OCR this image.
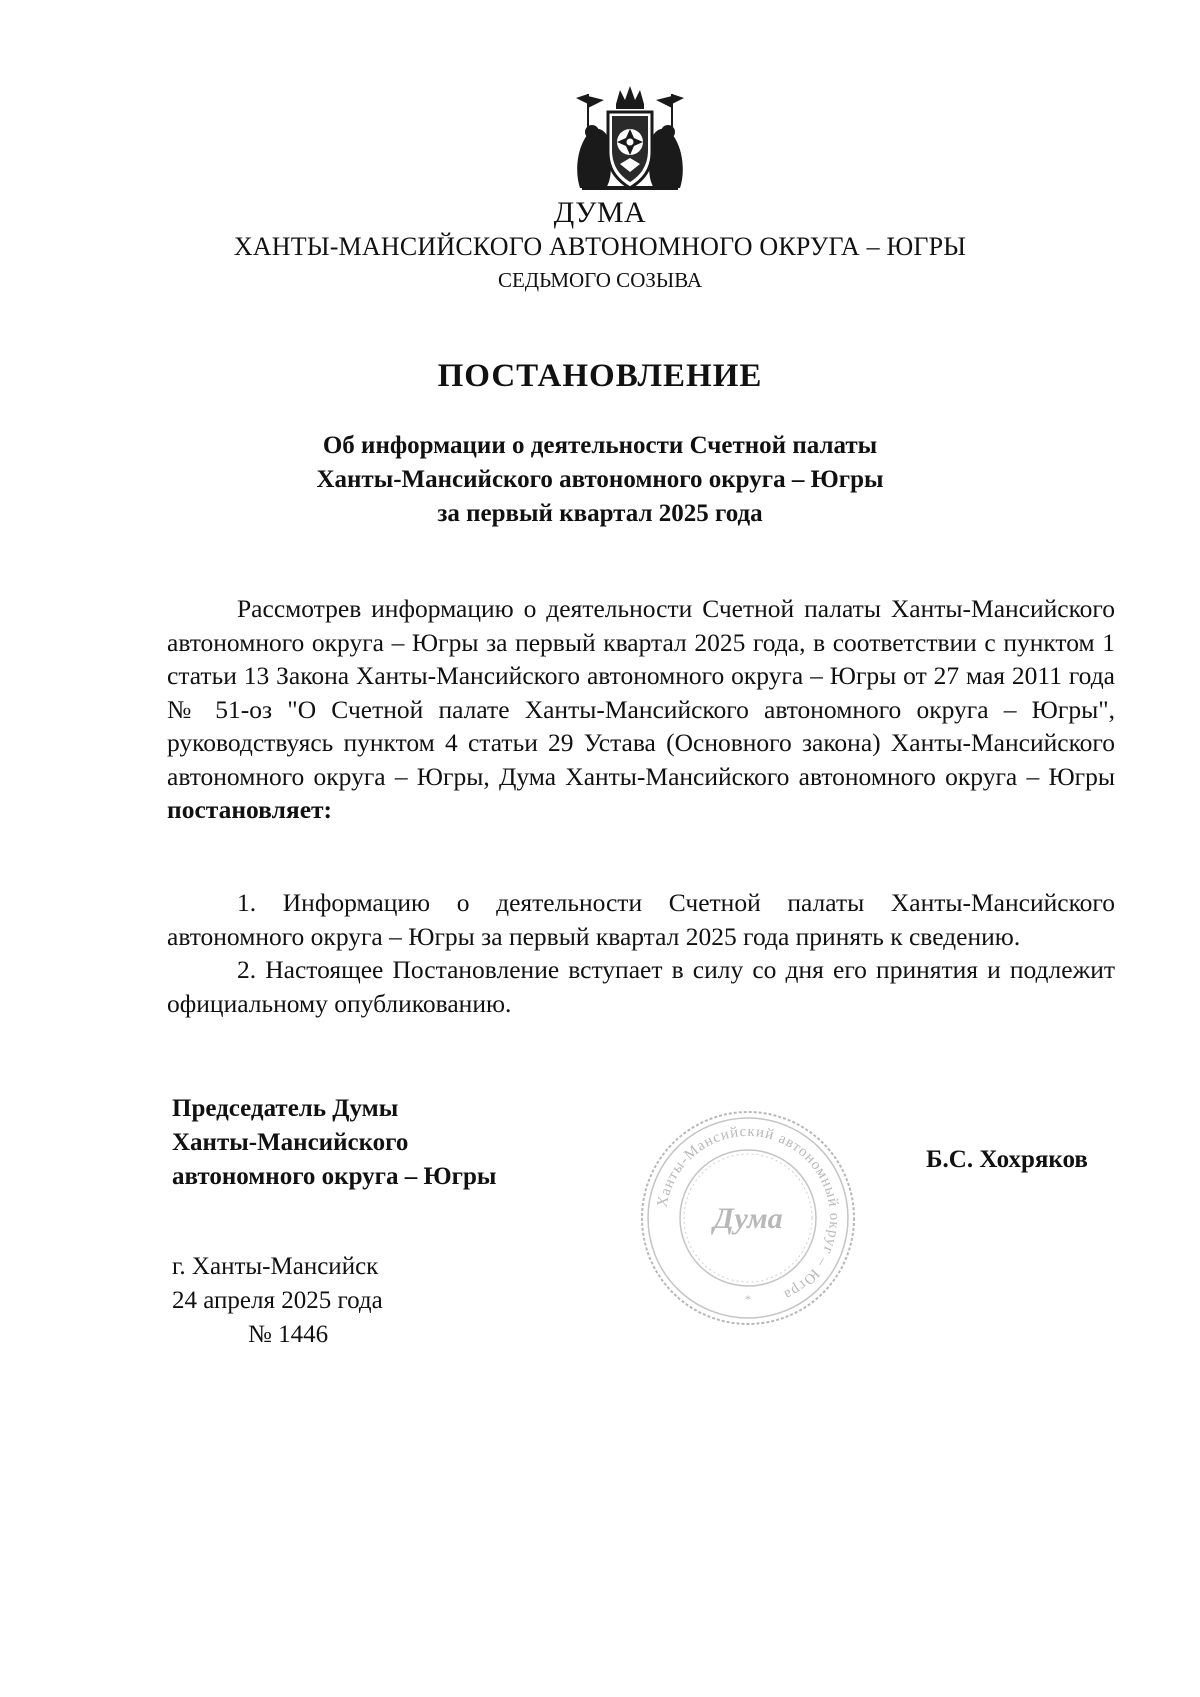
ДУМА
ХАНТЫ-МАНСИЙСКОГО АВТОНОМНОГО ОКРУГА – ЮГРЫ
СЕДЬМОГО СОЗЫВА
ПОСТАНОВЛЕНИЕ
Об информации о деятельности Счетной палаты
Ханты-Мансийского автономного округа – Югры
за первый квартал 2025 года

Рассмотрев информацию о деятельности Счетной палаты Ханты-Мансийского автономного округа – Югры за первый квартал 2025 года, в соответствии с пунктом 1 статьи 13 Закона Ханты-Мансийского автономного округа – Югры от 27 мая 2011 года № 51-оз "О Счетной палате Ханты-Мансийского автономного округа – Югры", руководствуясь пунктом 4 статьи 29 Устава (Основного закона) Ханты-Мансийского автономного округа – Югры, Дума Ханты-Мансийского автономного округа – Югры постановляет:

1. Информацию о деятельности Счетной палаты Ханты-Мансийского автономного округа – Югры за первый квартал 2025 года принять к сведению.

2. Настоящее Постановление вступает в силу со дня его принятия и подлежит официальному опубликованию.

Председатель Думы
Ханты-Мансийского
автономного округа – Югры
Ханты-Мансийский автономный округ – Югра
Дума
*
Б.С. Хохряков
г. Ханты-Мансийск
24 апреля 2025 года
№ 1446
